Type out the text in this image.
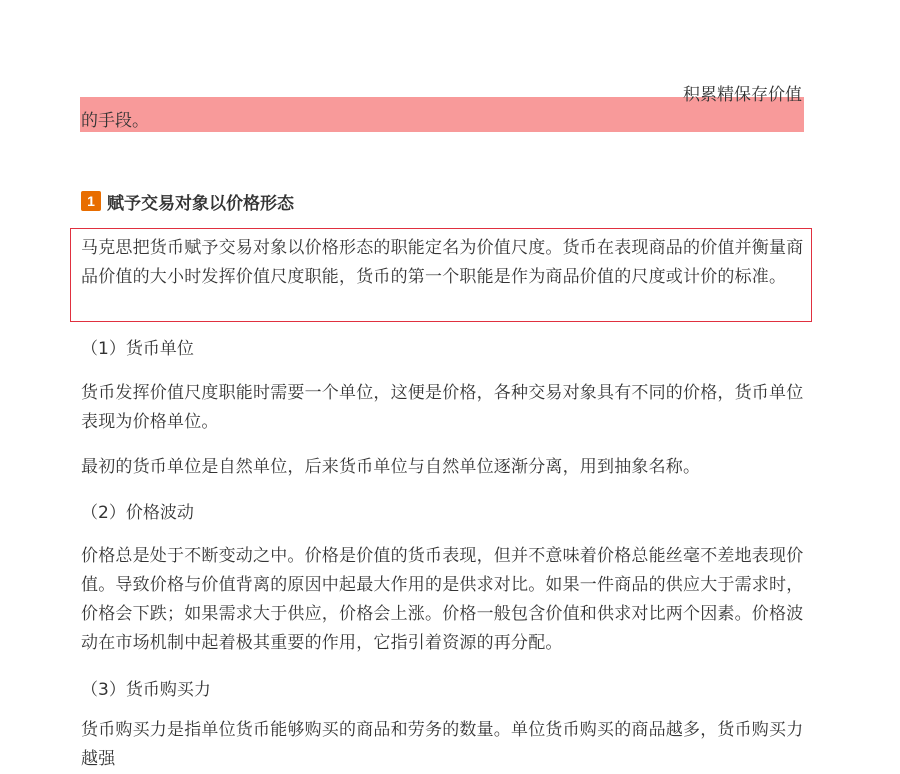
积累精保存价值
的手段。
1 赋予交易对象以价格形态

马克思把货币赋予交易对象以价格形态的职能定名为价值尺度。货币在表现商品的价值并衡量商品价值的大小时发挥价值尺度职能，货币的第一个职能是作为商品价值的尺度或计价的标准。

（1）货币单位

货币发挥价值尺度职能时需要一个单位，这便是价格，各种交易对象具有不同的价格，货币单位表现为价格单位。

最初的货币单位是自然单位，后来货币单位与自然单位逐渐分离，用到抽象名称。

（2）价格波动

价格总是处于不断变动之中。价格是价值的货币表现，但并不意味着价格总能丝毫不差地表现价值。导致价格与价值背离的原因中起最大作用的是供求对比。如果一件商品的供应大于需求时，价格会下跌；如果需求大于供应，价格会上涨。价格一般包含价值和供求对比两个因素。价格波动在市场机制中起着极其重要的作用，它指引着资源的再分配。

（3）货币购买力

货币购买力是指单位货币能够购买的商品和劳务的数量。单位货币购买的商品越多，货币购买力越强
